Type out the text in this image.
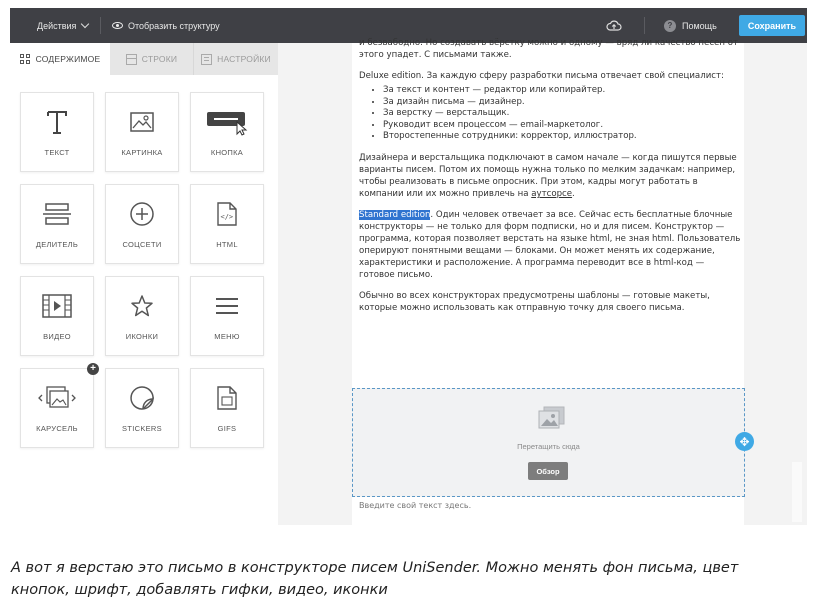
Действия	Отобразить структуру	?	Помощь	Сохранить
СОДЕРЖИМОЕ	СТРОКИ	НАСТРОЙКИ
ТЕКСТ	КАРТИНКА	КНОПКА
ДЕЛИТЕЛЬ	СОЦСЕТИ
</>
HTML
ВИДЕО	ИКОНКИ	МЕНЮ
+
КАРУСЕЛЬ	STICKERS	GIFS

и безвабодно. Но создавать вёрстку можно и одному — вряд ли качество песен от этого упадет. С письмами также.

Deluxe edition. За каждую сферу разработки письма отвечает свой специалист:

• За текст и контент — редактор или копирайтер.
• За дизайн письма — дизайнер.
• За верстку — верстальщик.
• Руководит всем процессом — email-маркетолог.
• Второстепенные сотрудники: корректор, иллюстратор.

Дизайнера и верстальщика подключают в самом начале — когда пишутся первые варианты писем. Потом их помощь нужна только по мелким задачкам: например, чтобы реализовать в письме опросник. При этом, кадры могут работать в компании или их можно привлечь на аутсорсе.

Standard edition. Один человек отвечает за все. Сейчас есть бесплатные блочные конструкторы — не только для форм подписки, но и для писем. Конструктор — программа, которая позволяет верстать на языке html, не зная html. Пользователь оперируют понятными вещами — блоками. Он может менять их содержание, характеристики и расположение. А программа переводит все в html-код — готовое письмо.

Обычно во всех конструкторах предусмотрены шаблоны — готовые макеты, которые можно использовать как отправную точку для своего письма.

Перетащить сюда
Обзор
✥
Введите свой текст здесь.
А вот я верстаю это письмо в конструкторе писем UniSender. Можно менять фон письма, цвет кнопок, шрифт, добавлять гифки, видео, иконки
